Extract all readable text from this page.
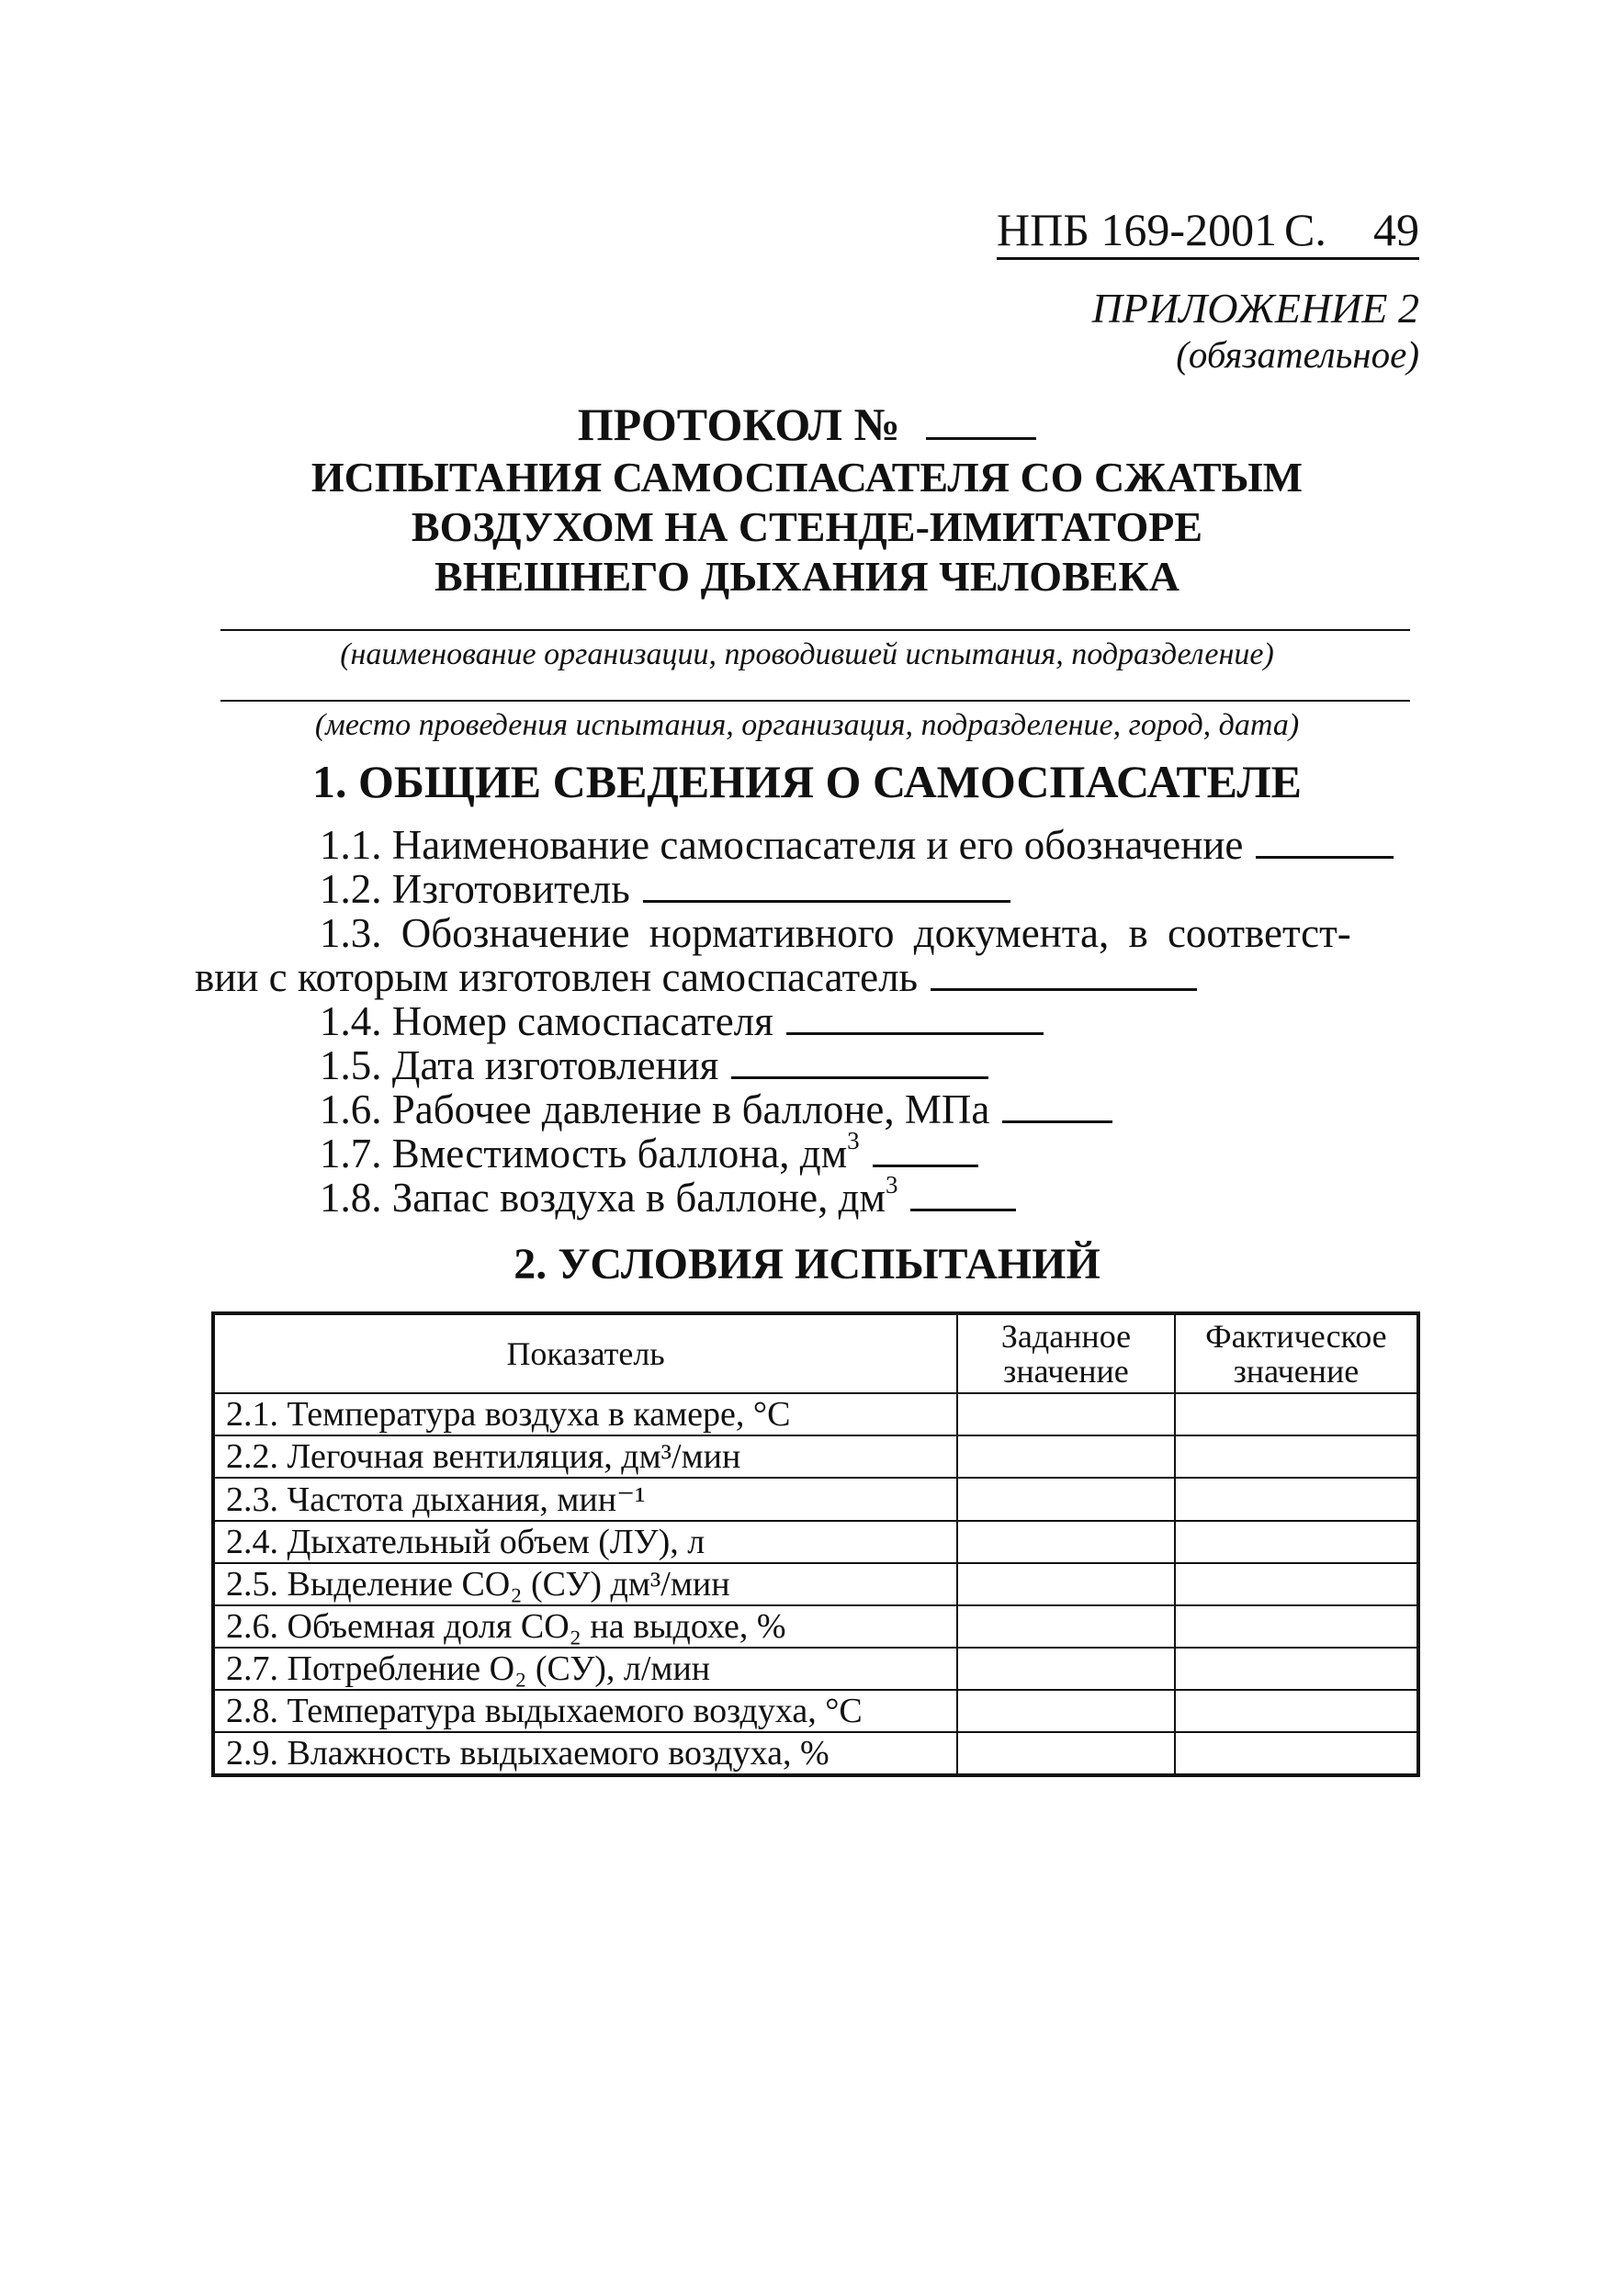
НПБ 169-2001 С. 49
ПРИЛОЖЕНИЕ 2
(обязательное)
ПРОТОКОЛ №
ИСПЫТАНИЯ САМОСПАСАТЕЛЯ СО СЖАТЫМ
ВОЗДУХОМ НА СТЕНДЕ-ИМИТАТОРЕ
ВНЕШНЕГО ДЫХАНИЯ ЧЕЛОВЕКА
(наименование организации, проводившей испытания, подразделение)
(место проведения испытания, организация, подразделение, город, дата)
1. ОБЩИЕ СВЕДЕНИЯ О САМОСПАСАТЕЛЕ
1.1. Наименование самоспасателя и его обозначение
1.2. Изготовитель
1.3. Обозначение нормативного документа, в соответст-
вии с которым изготовлен самоспасатель
1.4. Номер самоспасателя
1.5. Дата изготовления
1.6. Рабочее давление в баллоне, МПа
1.7. Вместимость баллона, $дм^3$
1.8. Запас воздуха в баллоне, $дм^3$
2. УСЛОВИЯ ИСПЫТАНИЙ
Показатель	Заданное значение	Фактическое значение
2.1. Температура воздуха в камере, °C		
2.2. Легочная вентиляция, дм³/мин		
2.3. Частота дыхания, мин⁻¹		
2.4. Дыхательный объем (ЛУ), л		
2.5. Выделение СО₂ (СУ) дм³/мин		
2.6. Объемная доля СО₂ на выдохе, %		
2.7. Потребление О₂ (СУ), л/мин		
2.8. Температура выдыхаемого воздуха, °C		
2.9. Влажность выдыхаемого воздуха, %		
